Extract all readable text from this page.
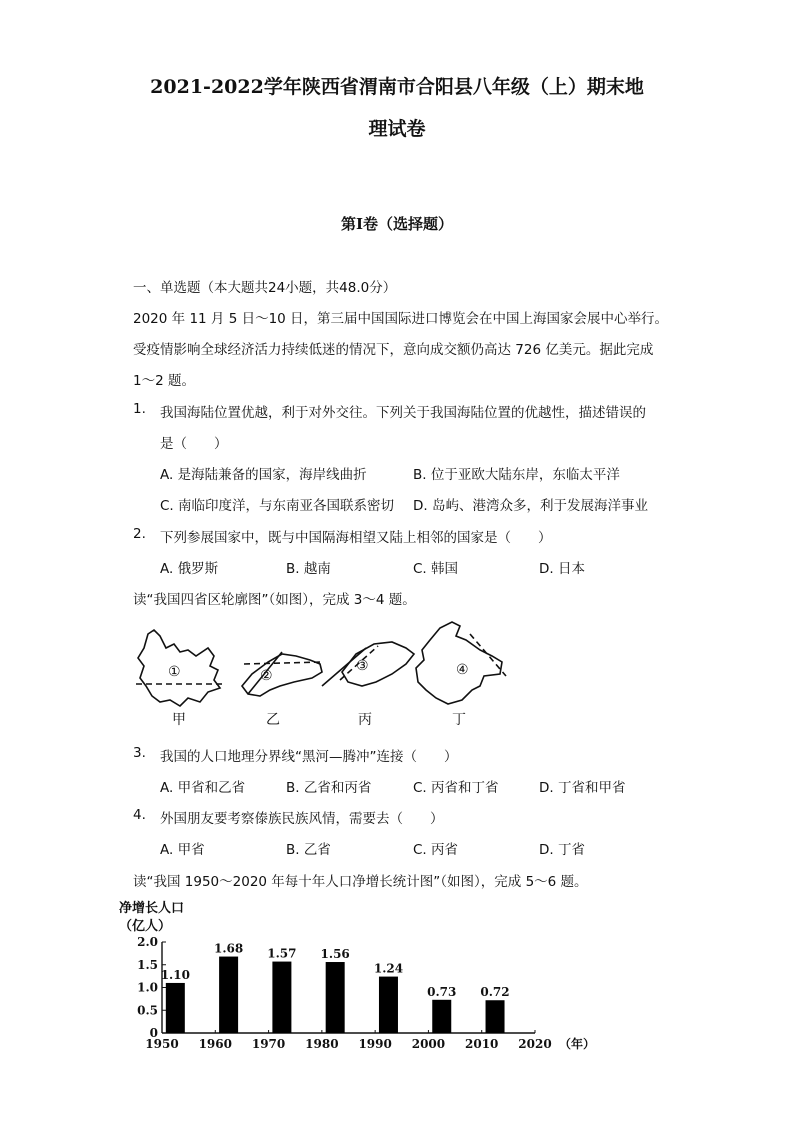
2021-2022学年陕西省渭南市合阳县八年级（上）期末地
理试卷
第Ⅰ卷（选择题）
一、单选题（本大题共24小题，共48.0分）
2020 年 11 月 5 日～10 日，第三届中国国际进口博览会在中国上海国家会展中心举行。
受疫情影响全球经济活力持续低迷的情况下，意向成交额仍高达 726 亿美元。据此完成
1～2 题。
1. 我国海陆位置优越，利于对外交往。下列关于我国海陆位置的优越性，描述错误的
是（　　）
A. 是海陆兼备的国家，海岸线曲折	B. 位于亚欧大陆东岸，东临太平洋
C. 南临印度洋，与东南亚各国联系密切 D. 岛屿、港湾众多，利于发展海洋事业
2. 下列参展国家中，既与中国隔海相望又陆上相邻的国家是（　　）
A. 俄罗斯	B. 越南	C. 韩国	D. 日本
读“我国四省区轮廓图”（如图），完成 3～4 题。
①	②
③	④
甲	乙	丙	丁
3. 我国的人口地理分界线“黑河—腾冲”连接（　　）
A. 甲省和乙省	B. 乙省和丙省	C. 丙省和丁省	D. 丁省和甲省
4. 外国朋友要考察傣族民族风情，需要去（　　）
A. 甲省	B. 乙省	C. 丙省	D. 丁省
读“我国 1950～2020 年每十年人口净增长统计图”（如图），完成 5～6 题。
净增长人口
（亿人）
1.10
1.68 1.57 1.56
1.24
0.73 0.72
2.0
1.5
1.0
0.5
0
1950 1960 1970 1980 1990 2000 2010 2020 （年）
